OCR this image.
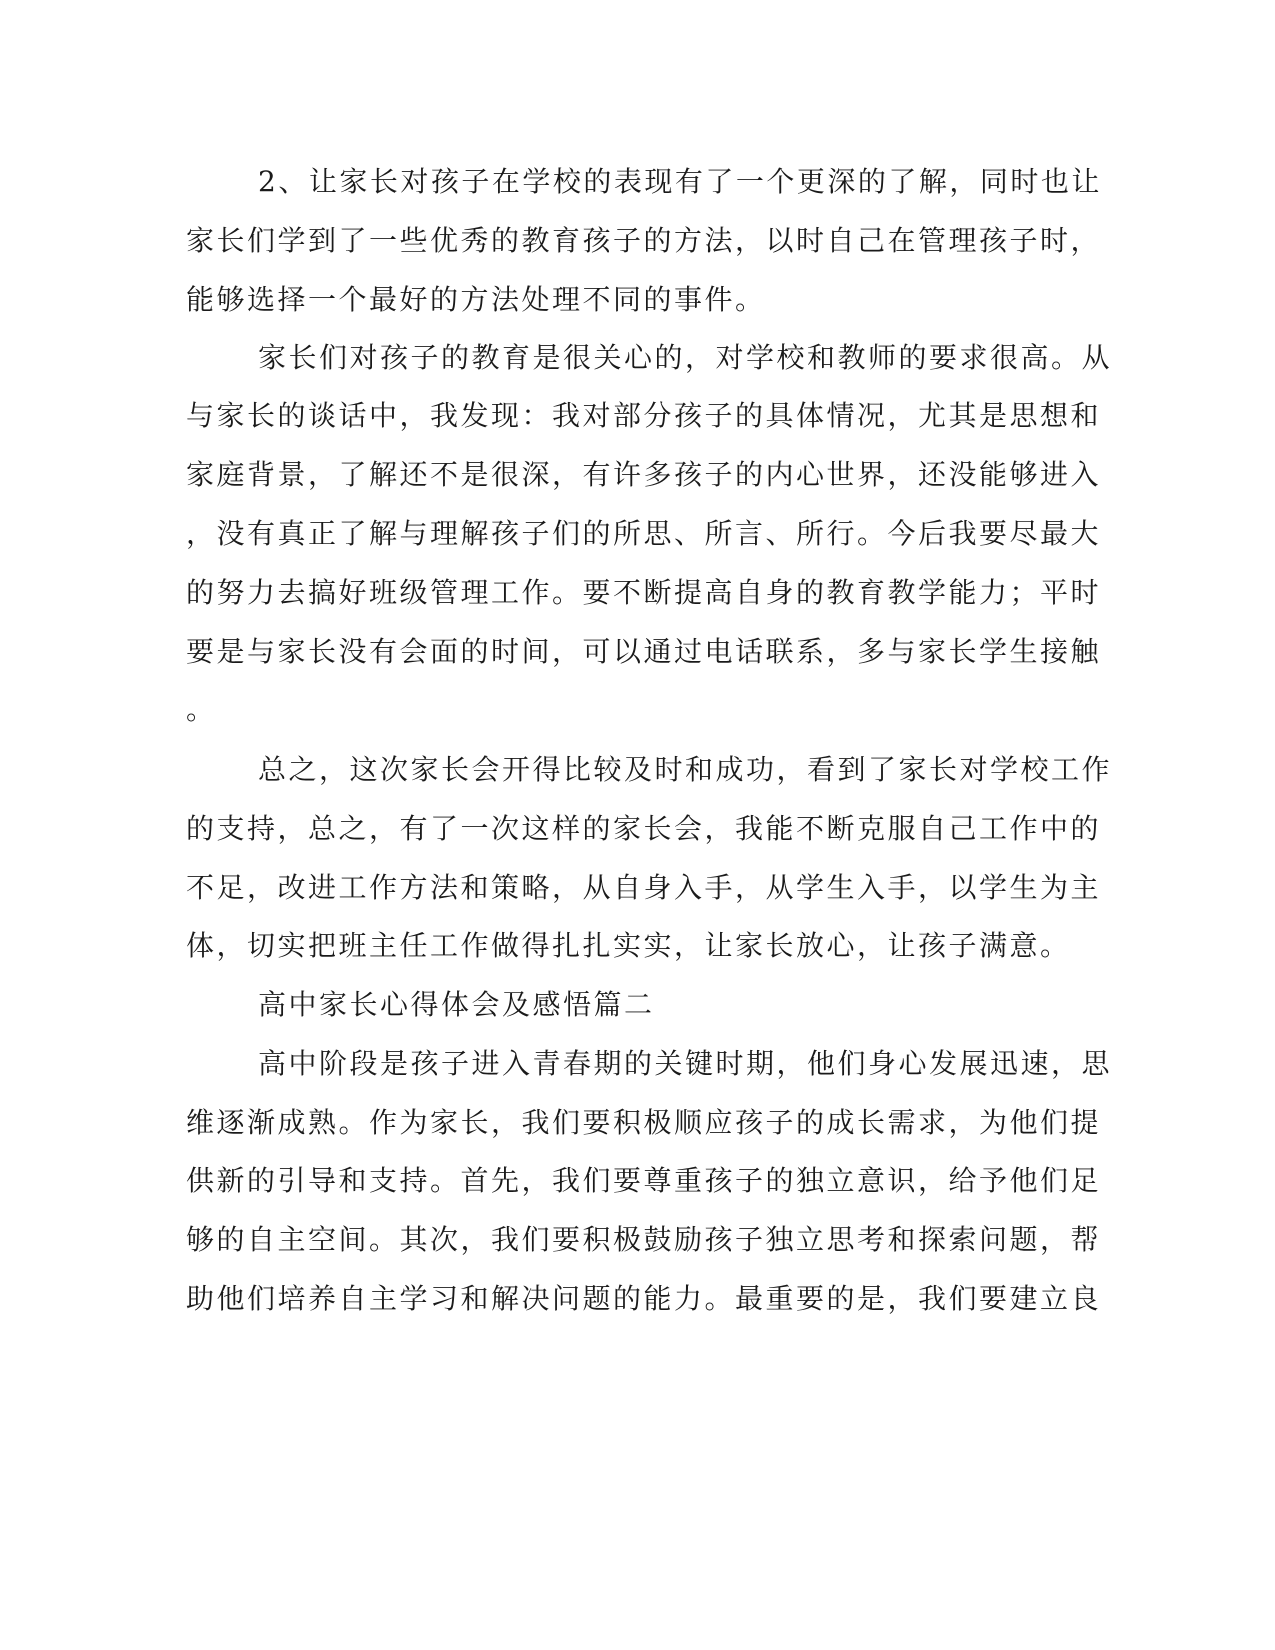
2、让家长对孩子在学校的表现有了一个更深的了解，同时也让
家长们学到了一些优秀的教育孩子的方法，以时自己在管理孩子时，
能够选择一个最好的方法处理不同的事件。
家长们对孩子的教育是很关心的，对学校和教师的要求很高。从
与家长的谈话中，我发现：我对部分孩子的具体情况，尤其是思想和
家庭背景，了解还不是很深，有许多孩子的内心世界，还没能够进入
，没有真正了解与理解孩子们的所思、所言、所行。今后我要尽最大
的努力去搞好班级管理工作。要不断提高自身的教育教学能力；平时
要是与家长没有会面的时间，可以通过电话联系，多与家长学生接触
。
总之，这次家长会开得比较及时和成功，看到了家长对学校工作
的支持，总之，有了一次这样的家长会，我能不断克服自己工作中的
不足，改进工作方法和策略，从自身入手，从学生入手，以学生为主
体，切实把班主任工作做得扎扎实实，让家长放心，让孩子满意。
高中家长心得体会及感悟篇二
高中阶段是孩子进入青春期的关键时期，他们身心发展迅速，思
维逐渐成熟。作为家长，我们要积极顺应孩子的成长需求，为他们提
供新的引导和支持。首先，我们要尊重孩子的独立意识，给予他们足
够的自主空间。其次，我们要积极鼓励孩子独立思考和探索问题，帮
助他们培养自主学习和解决问题的能力。最重要的是，我们要建立良
